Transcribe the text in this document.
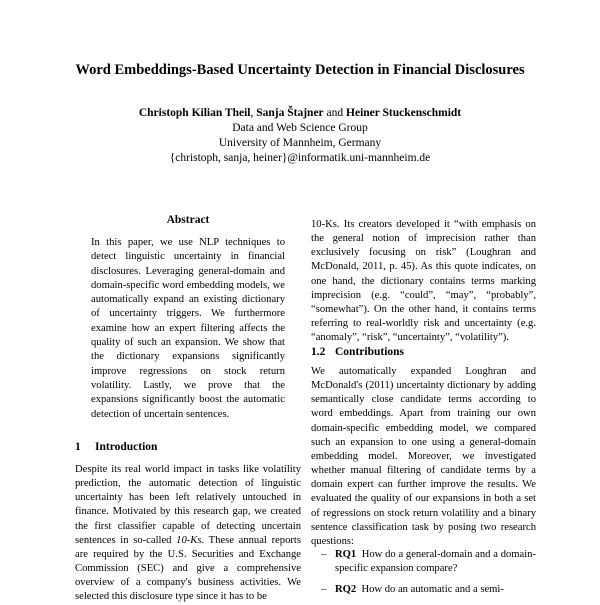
Word Embeddings-Based Uncertainty Detection in Financial Disclosures
Christoph Kilian Theil, Sanja Štajner and Heiner Stuckenschmidt
Data and Web Science Group
University of Mannheim, Germany
{christoph, sanja, heiner}@informatik.uni-mannheim.de
Abstract
In this paper, we use NLP techniques to detect linguistic uncertainty in financial disclosures. Leveraging general-domain and domain-specific word embedding models, we automatically expand an existing dictionary of uncertainty triggers. We furthermore examine how an expert filtering affects the quality of such an expansion. We show that the dictionary expansions significantly improve regressions on stock return volatility. Lastly, we prove that the expansions significantly boost the automatic detection of uncertain sentences.
1 Introduction
Despite its real world impact in tasks like volatility prediction, the automatic detection of linguistic uncertainty has been left relatively untouched in finance. Motivated by this research gap, we created the first classifier capable of detecting uncertain sentences in so-called 10-Ks. These annual reports are required by the U.S. Securities and Exchange Commission (SEC) and give a comprehensive overview of a company's business activities. We selected this disclosure type since it has to be
10-Ks. Its creators developed it “with emphasis on the general notion of imprecision rather than exclusively focusing on risk” (Loughran and McDonald, 2011, p. 45). As this quote indicates, on one hand, the dictionary contains terms marking imprecision (e.g. “could”, “may”, “probably”, “somewhat”). On the other hand, it contains terms referring to real-worldly risk and uncertainty (e.g. “anomaly”, “risk”, “uncertainty”, “volatility”).
1.2 Contributions
We automatically expanded Loughran and McDonald's (2011) uncertainty dictionary by adding semantically close candidate terms according to word embeddings. Apart from training our own domain-specific embedding model, we compared such an expansion to one using a general-domain embedding model. Moreover, we investigated whether manual filtering of candidate terms by a domain expert can further improve the results. We evaluated the quality of our expansions in both a set of regressions on stock return volatility and a binary sentence classification task by posing two research questions:
– RQ1 How do a general-domain and a domain-specific expansion compare?
– RQ2 How do an automatic and a semi-
